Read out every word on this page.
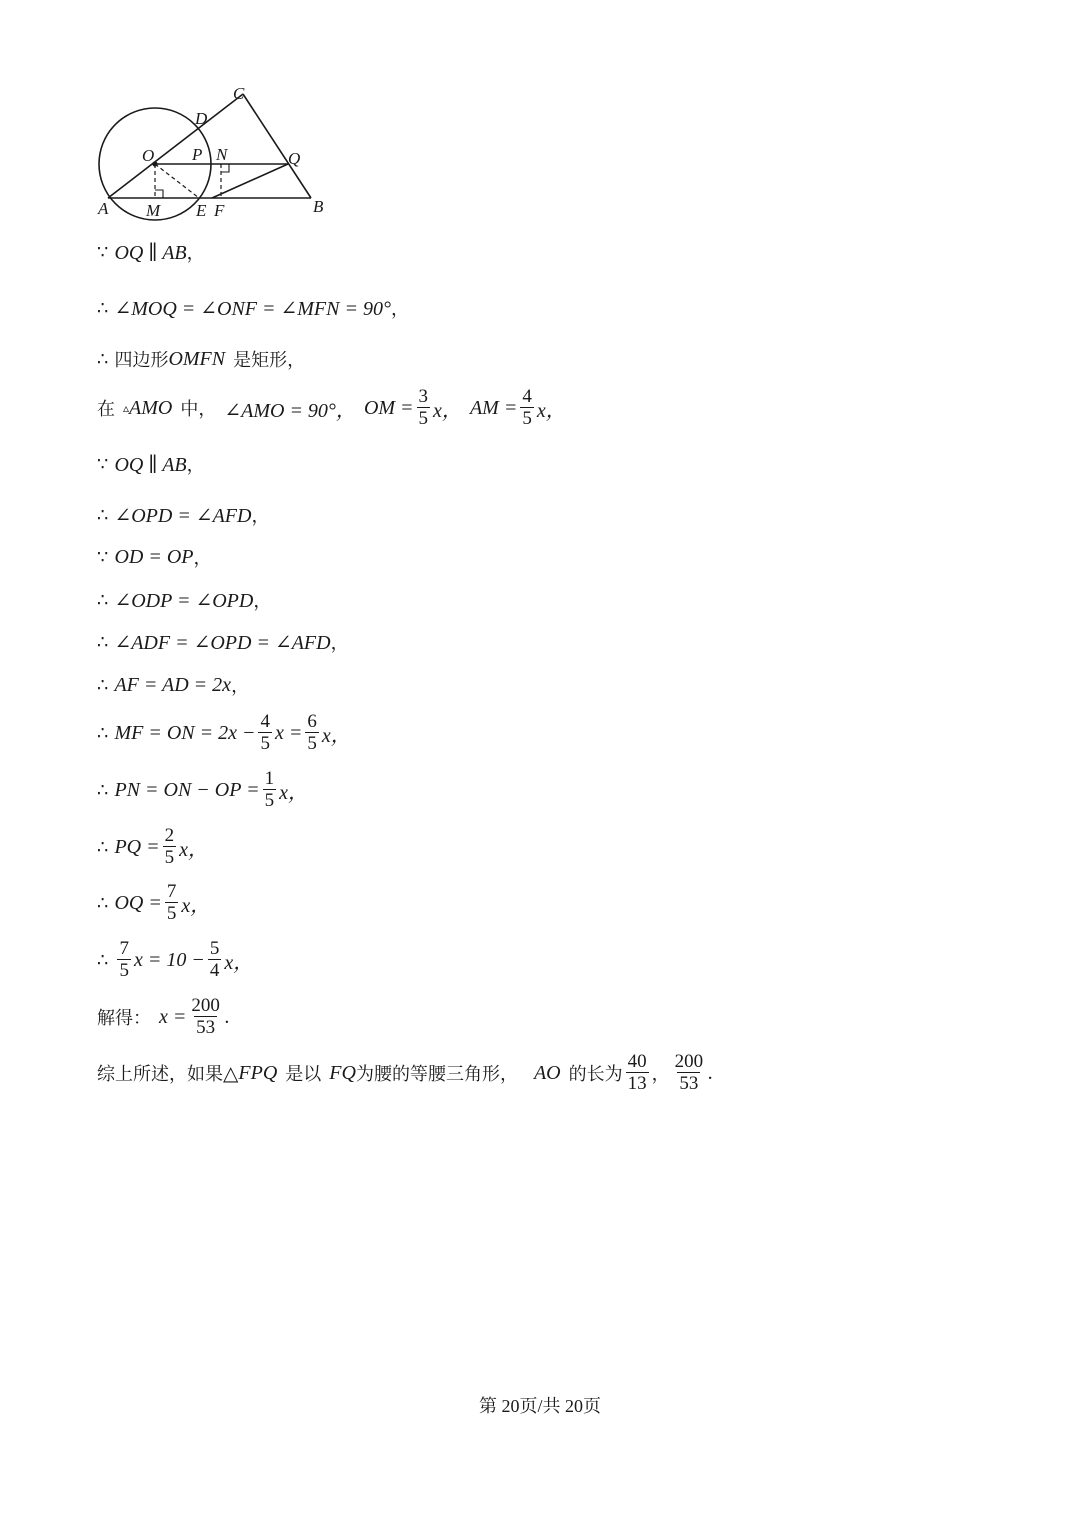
A	B
C
D
O P N	Q
M E F
∵ OQ ∥ AB ，
∴ ∠MOQ = ∠ONF = ∠MFN = 90° ，
∴ 四边形 OMFN 是矩形，
在 ▵ AMO 中， ∠AMO = 90°， OM = $\frac{3}{5}$ x， AM = $\frac{4}{5}$ x，
∵ OQ ∥ AB ，
∴ ∠OPD = ∠AFD ，
∵ OD = OP ，
∴ ∠ODP = ∠OPD ，
∴ ∠ADF = ∠OPD = ∠AFD ，
∴ AF = AD = 2x ，
∴ MF = ON = $2x - \frac{4}{5}$ $x = \frac{6}{5}$ x，
∴ PN = ON − OP = $\frac{1}{5}$ x，
∴ PQ = $\frac{2}{5}$ x，
∴ OQ = $\frac{7}{5}$ x，
∴ $\frac{7}{5}$ $x = 10 - \frac{5}{4}$ x，
解得： $x = \frac{200}{53}$ .
综上所述，如果 △ FPQ 是以 FQ 为腰的等腰三角形， AO 的长为 $\frac{40}{13}$ ， $\frac{200}{53}$ .
第 20页/共 20页
